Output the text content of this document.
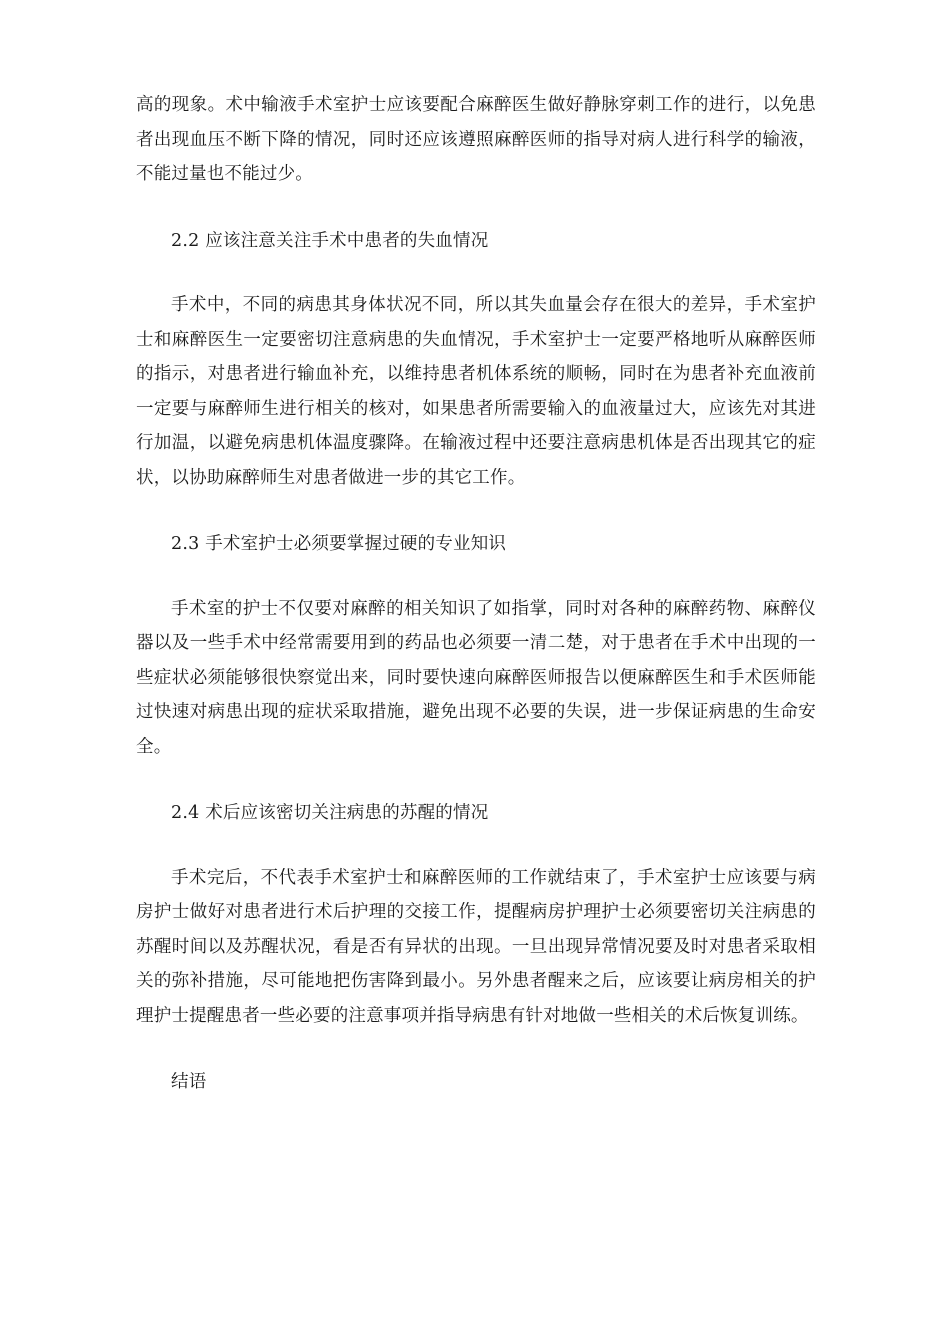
高的现象。术中输液手术室护士应该要配合麻醉医生做好静脉穿刺工作的进行，以免患者出现血压不断下降的情况，同时还应该遵照麻醉医师的指导对病人进行科学的输液，不能过量也不能过少。

2.2 应该注意关注手术中患者的失血情况

手术中，不同的病患其身体状况不同，所以其失血量会存在很大的差异，手术室护士和麻醉医生一定要密切注意病患的失血情况，手术室护士一定要严格地听从麻醉医师的指示，对患者进行输血补充，以维持患者机体系统的顺畅，同时在为患者补充血液前一定要与麻醉师生进行相关的核对，如果患者所需要输入的血液量过大，应该先对其进行加温，以避免病患机体温度骤降。在输液过程中还要注意病患机体是否出现其它的症状，以协助麻醉师生对患者做进一步的其它工作。

2.3 手术室护士必须要掌握过硬的专业知识

手术室的护士不仅要对麻醉的相关知识了如指掌，同时对各种的麻醉药物、麻醉仪器以及一些手术中经常需要用到的药品也必须要一清二楚，对于患者在手术中出现的一些症状必须能够很快察觉出来，同时要快速向麻醉医师报告以便麻醉医生和手术医师能过快速对病患出现的症状采取措施，避免出现不必要的失误，进一步保证病患的生命安全。

2.4 术后应该密切关注病患的苏醒的情况

手术完后，不代表手术室护士和麻醉医师的工作就结束了，手术室护士应该要与病房护士做好对患者进行术后护理的交接工作，提醒病房护理护士必须要密切关注病患的苏醒时间以及苏醒状况，看是否有异状的出现。一旦出现异常情况要及时对患者采取相关的弥补措施，尽可能地把伤害降到最小。另外患者醒来之后，应该要让病房相关的护理护士提醒患者一些必要的注意事项并指导病患有针对地做一些相关的术后恢复训练。

结语
